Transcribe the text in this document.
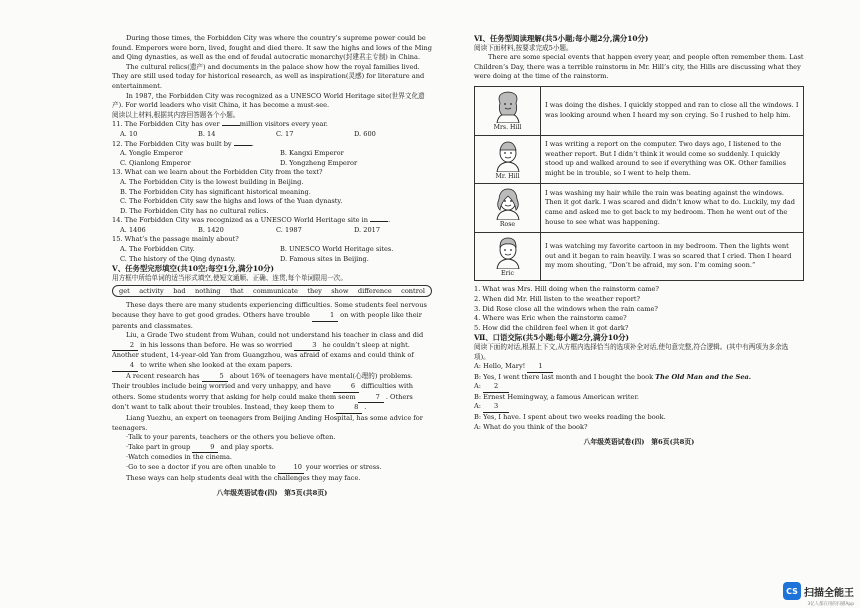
During those times, the Forbidden City was where the country’s supreme power could be found. Emperors were born, lived, fought and died there. It saw the highs and lows of the Ming and Qing dynasties, as well as the end of feudal autocratic monarchy(封建君主专制) in China.

The cultural relics(遗产) and documents in the palace show how the royal families lived. They are still used today for historical research, as well as inspiration(灵感) for literature and entertainment.

In 1987, the Forbidden City was recognized as a UNESCO World Heritage site(世界文化遗产). For world leaders who visit China, it has become a must-see.

阅读以上材料,根据其内容回答题各个小题。

11. The Forbidden City has over	million visitors every year.

A. 10	B. 14	C. 17	D. 600

12. The Forbidden City was built by	.

A. Yongle Emperor	B. Kangxi Emperor
C. Qianlong Emperor	D. Yongzheng Emperor

13. What can we learn about the Forbidden City from the text?

A. The Forbidden City is the lowest building in Beijing.

B. The Forbidden City has significant historical meaning.

C. The Forbidden City saw the highs and lows of the Yuan dynasty.

D. The Forbidden City has no cultural relics.

14. The Forbidden City was recognized as a UNESCO World Heritage site in	.

A. 1406	B. 1420	C. 1987	D. 2017

15. What’s the passage mainly about?

A. The Forbidden City.	B. UNESCO World Heritage sites.
C. The history of the Qing dynasty.	D. Famous sites in Beijing.

Ⅴ、任务型完形填空(共10空;每空1分,满分10分)

用方框中所给单词的适当形式填空,使短文通顺、正确、连贯,每个单词限用一次。

get activity bad nothing that communicate they show difference control

These days there are many students experiencing difficulties. Some students feel nervous because they have to get good grades. Others have trouble	1 on with people like their parents and classmates.

Liu, a Grade Two student from Wuhan, could not understand his teacher in class and did 2 in his lessons than before. He was so worried	3 he couldn’t sleep at night. Another student, 14-year-old Yan from Guangzhou, was afraid of exams and could think of 4 to write when she looked at the exam papers.

A recent research has	5 about 16% of teenagers have mental(心理的) problems. Their troubles include being worried and very unhappy, and have	6 difficulties with others. Some students worry that asking for help could make them seem	7 . Others don’t want to talk about their troubles. Instead, they keep them to	8 .

Liang Yuezhu, an expert on teenagers from Beijing Anding Hospital, has some advice for teenagers.

·Talk to your parents, teachers or the others you believe often.

·Take part in group	9 and play sports.

·Watch comedies in the cinema.

·Go to see a doctor if you are often unable to	10 your worries or stress.

These ways can help students deal with the challenges they may face.

八年级英语试卷(四)　第5页(共8页)

Ⅵ、任务型阅读理解(共5小题;每小题2分,满分10分)

阅读下面材料,按要求完成5小题。

There are some special events that happen every year, and people often remember them. Last Children’s Day, there was a terrible rainstorm in Mr. Hill’s city, the Hills are discussing what they were doing at the time of the rainstorm.

Mrs. Hill	I was doing the dishes. I quickly stopped and ran to close all the windows. I was looking around when I heard my son crying. So I rushed to help him.

Mr. Hill	I was writing a report on the computer. Two days ago, I listened to the weather report. But I didn’t think it would come so suddenly. I quickly stood up and walked around to see if everything was OK. Other families might be in trouble, so I went to help them.

Rose	I was washing my hair while the rain was beating against the windows. Then it got dark. I was scared and didn’t know what to do. Luckily, my dad came and asked me to get back to my bedroom. Then he went out of the house to see what was happening.

Eric	I was watching my favorite cartoon in my bedroom. Then the lights went out and it began to rain heavily. I was so scared that I cried. Then I heard my mom shouting, “Don’t be afraid, my son. I’m coming soon.”

1. What was Mrs. Hill doing when the rainstorm came?

2. When did Mr. Hill listen to the weather report?

3. Did Rose close all the windows when the rain came?

4. Where was Eric when the rainstorm came?

5. How did the children feel when it got dark?

Ⅶ、口语交际(共5小题;每小题2分,满分10分)

阅读下面的对话,根据上下文,从方框内选择恰当的选项补全对话,使句意完整,符合逻辑。(其中有两项为多余选项)。

A: Hello, Mary! 1

B: Yes, I went there last month and I bought the book The Old Man and the Sea.

A: 2

B: Ernest Hemingway, a famous American writer.

A: 3

B: Yes, I have. I spent about two weeks reading the book.

A: What do you think of the book?

八年级英语试卷(四)　第6页(共8页)

CS 扫描全能王
3亿人都在用的扫描App
